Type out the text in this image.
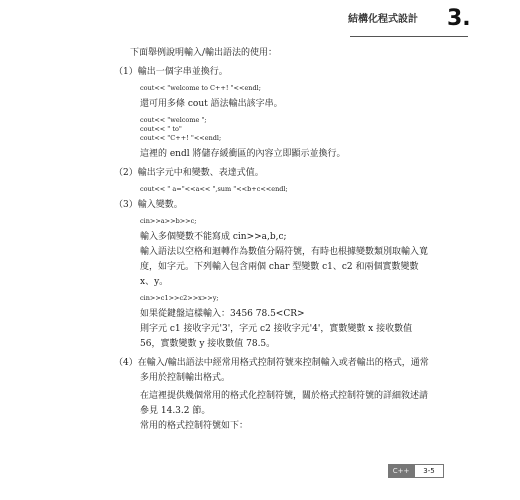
結構化程式設計 3.

下面舉例說明輸入/輸出語法的使用：

（1）輸出一個字串並換行。

cout<< "welcome to C++! "<<endl;

還可用多條 cout 語法輸出該字串。

cout<< "welcome ";
cout<< " to"
cout<< "C++! "<<endl;

這裡的 endl 將儲存緩衝區的內容立即顯示並換行。

（2）輸出字元中和變數、表達式值。

cout<< " a="<<a<< ",sum "<<b+c<<endl;

（3）輸入變數。

cin>>a>>b>>c;

輸入多個變數不能寫成 cin>>a,b,c;

輸入語法以空格和迴轉作為數值分隔符號，有時也根據變數類別取輸入寬度，如字元。下列輸入包含兩個 char 型變數 c1、c2 和兩個實數變數 x、y。

cin>>c1>>c2>>x>>y;

如果從鍵盤這樣輸入：3456 78.5<CR>

則字元 c1 接收字元'3'，字元 c2 接收字元'4'，實數變數 x 接收數值 56，實數變數 y 接收數值 78.5。

（4）在輸入/輸出語法中經常用格式控制符號來控制輸入或者輸出的格式，通常多用於控制輸出格式。

在這裡提供幾個常用的格式化控制符號，關於格式控制符號的詳細敘述請參見 14.3.2 節。

常用的格式控制符號如下：

C++	3-5
